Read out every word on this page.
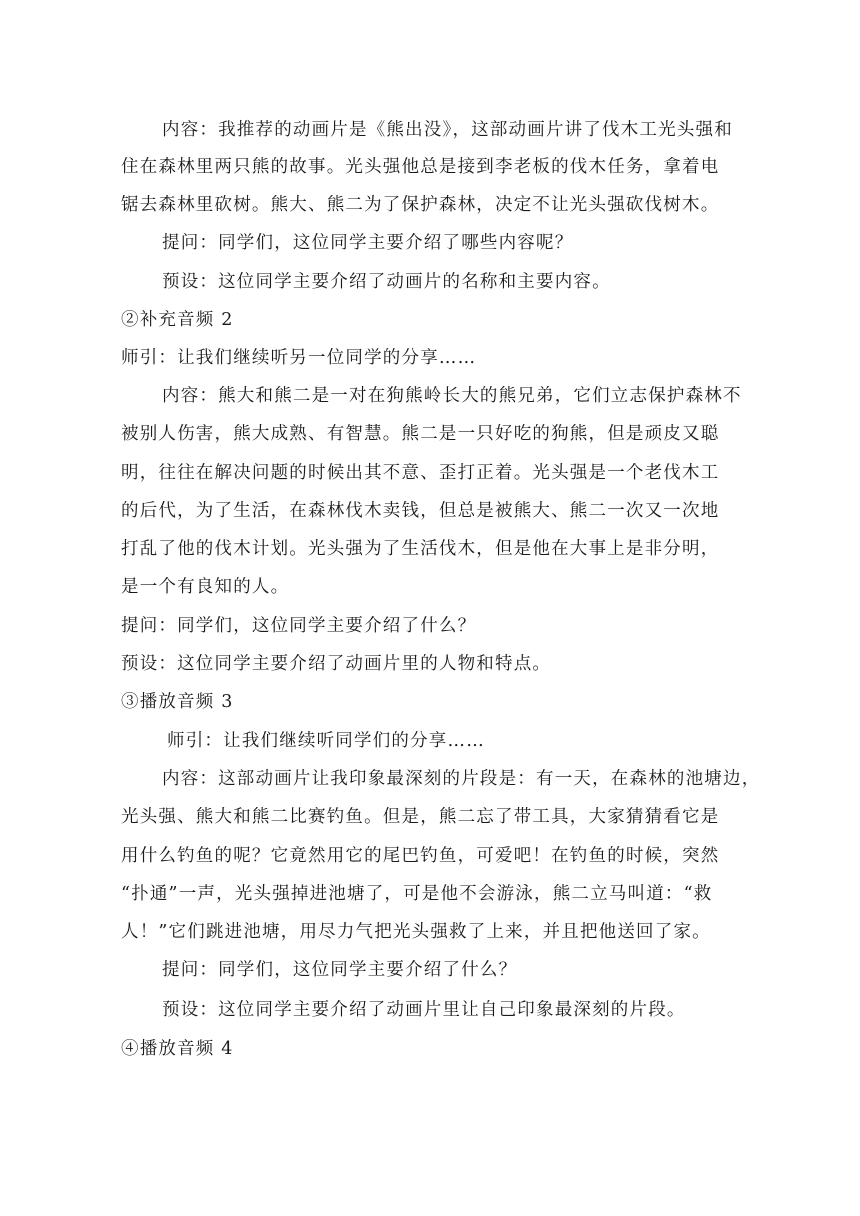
内容：我推荐的动画片是《熊出没》，这部动画片讲了伐木工光头强和
住在森林里两只熊的故事。光头强他总是接到李老板的伐木任务，拿着电
锯去森林里砍树。熊大、熊二为了保护森林，决定不让光头强砍伐树木。
提问：同学们，这位同学主要介绍了哪些内容呢？
预设：这位同学主要介绍了动画片的名称和主要内容。
②补充音频 2
师引：让我们继续听另一位同学的分享……
内容：熊大和熊二是一对在狗熊岭长大的熊兄弟，它们立志保护森林不
被别人伤害，熊大成熟、有智慧。熊二是一只好吃的狗熊，但是顽皮又聪
明，往往在解决问题的时候出其不意、歪打正着。光头强是一个老伐木工
的后代，为了生活，在森林伐木卖钱，但总是被熊大、熊二一次又一次地
打乱了他的伐木计划。光头强为了生活伐木，但是他在大事上是非分明，
是一个有良知的人。
提问：同学们，这位同学主要介绍了什么？
预设：这位同学主要介绍了动画片里的人物和特点。
③播放音频 3
师引：让我们继续听同学们的分享……
内容：这部动画片让我印象最深刻的片段是：有一天，在森林的池塘边，
光头强、熊大和熊二比赛钓鱼。但是，熊二忘了带工具，大家猜猜看它是
用什么钓鱼的呢？它竟然用它的尾巴钓鱼，可爱吧！在钓鱼的时候，突然
“扑通”一声，光头强掉进池塘了，可是他不会游泳，熊二立马叫道：“救
人！”它们跳进池塘，用尽力气把光头强救了上来，并且把他送回了家。
提问：同学们，这位同学主要介绍了什么？
预设：这位同学主要介绍了动画片里让自己印象最深刻的片段。
④播放音频 4
